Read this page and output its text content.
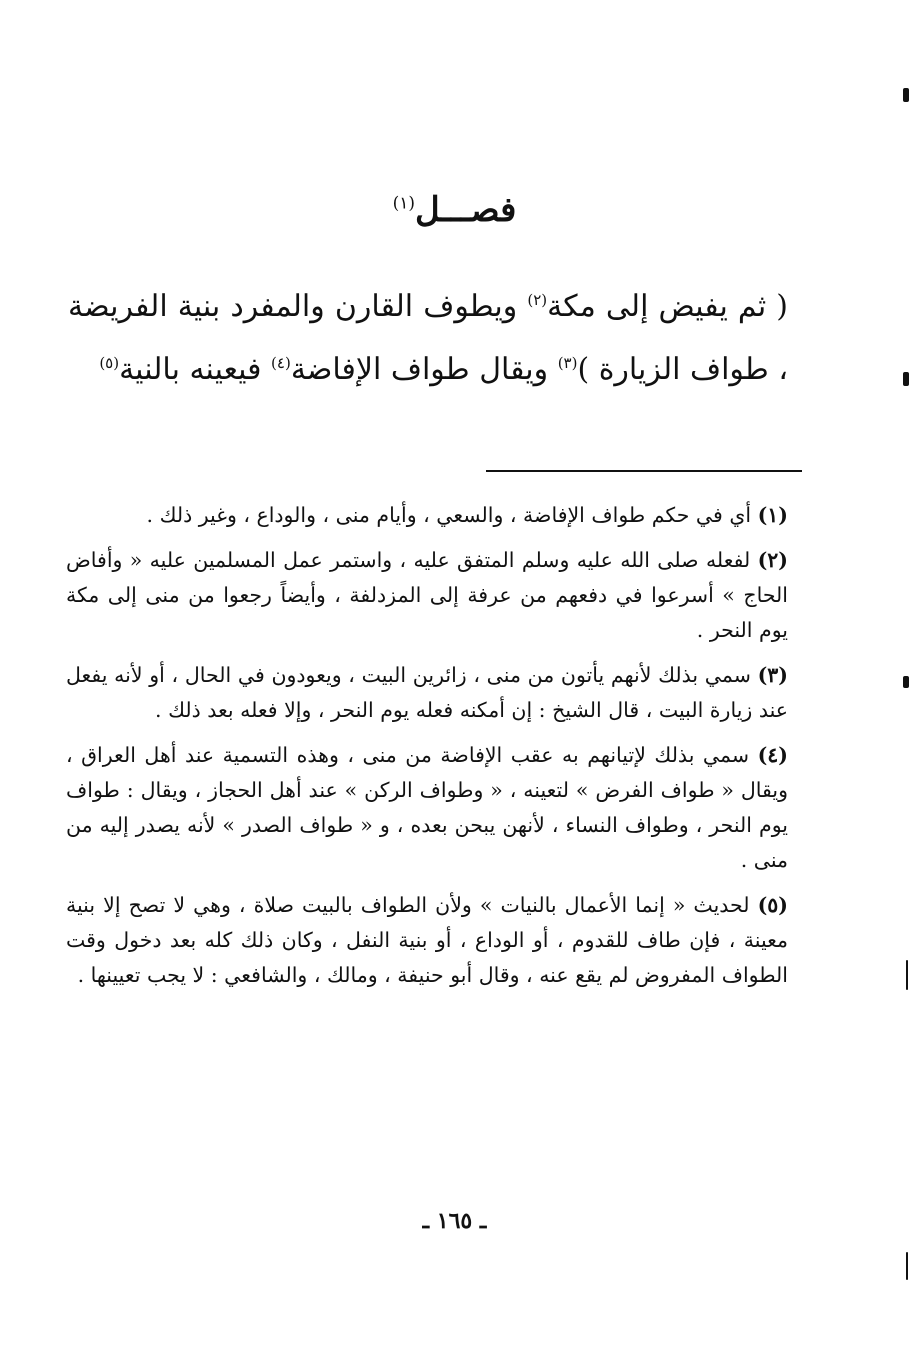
فصـــل$^{(١)}$
( ثم يفيض إلى مكة$^{(٢)}$ ويطوف القارن والمفرد بنية الفريضة ، طواف الزيارة )$^{(٣)}$ ويقال طواف الإفاضة$^{(٤)}$ فيعينه بالنية$^{(٥)}$

(١) أي في حكم طواف الإفاضة ، والسعي ، وأيام منى ، والوداع ، وغير ذلك .

(٢) لفعله صلى الله عليه وسلم المتفق عليه ، واستمر عمل المسلمين عليه « وأفاض الحاج » أسرعوا في دفعهم من عرفة إلى المزدلفة ، وأيضاً رجعوا من منى إلى مكة يوم النحر .

(٣) سمي بذلك لأنهم يأتون من منى ، زائرين البيت ، ويعودون في الحال ، أو لأنه يفعل عند زيارة البيت ، قال الشيخ : إن أمكنه فعله يوم النحر ، وإلا فعله بعد ذلك .

(٤) سمي بذلك لإتيانهم به عقب الإفاضة من منى ، وهذه التسمية عند أهل العراق ، ويقال « طواف الفرض » لتعينه ، « وطواف الركن » عند أهل الحجاز ، ويقال : طواف يوم النحر ، وطواف النساء ، لأنهن يبحن بعده ، و « طواف الصدر » لأنه يصدر إليه من منى .

(٥) لحديث « إنما الأعمال بالنيات » ولأن الطواف بالبيت صلاة ، وهي لا تصح إلا بنية معينة ، فإن طاف للقدوم ، أو الوداع ، أو بنية النفل ، وكان ذلك كله بعد دخول وقت الطواف المفروض لم يقع عنه ، وقال أبو حنيفة ، ومالك ، والشافعي : لا يجب تعيينها .

ـ ١٦٥ ـ
